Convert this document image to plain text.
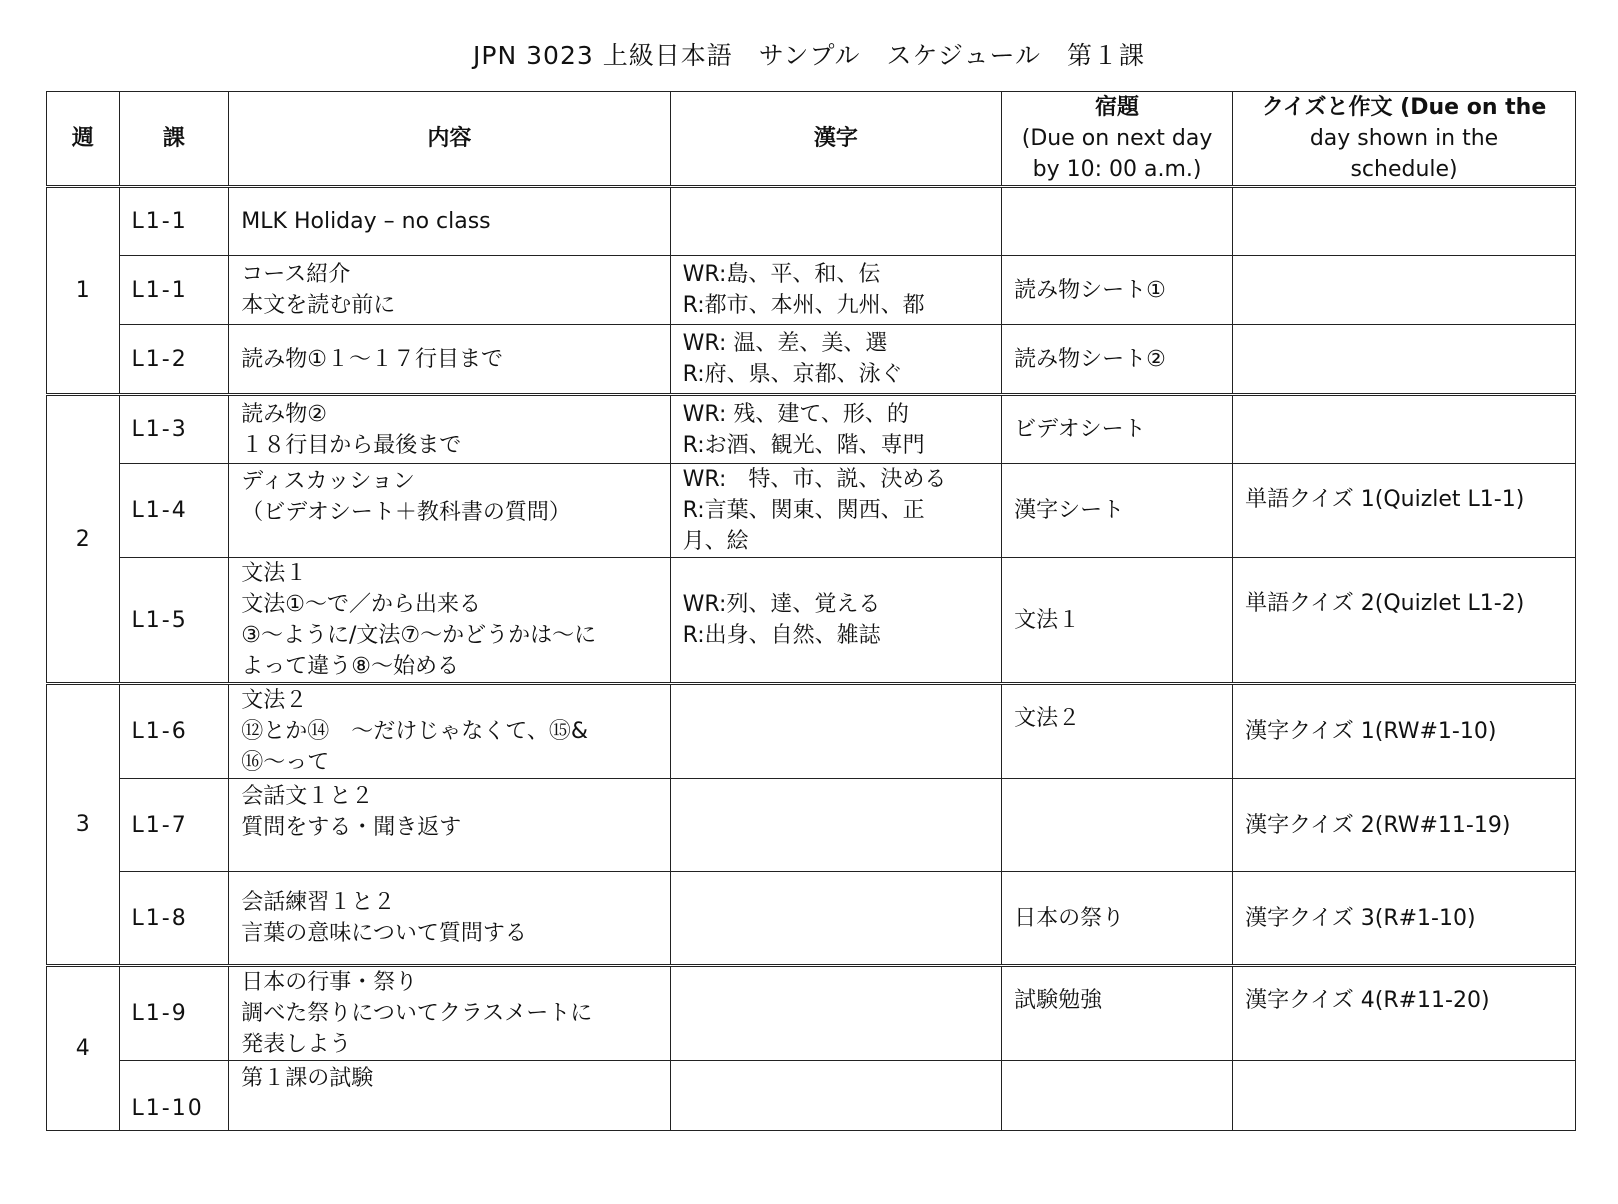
JPN 3023 上級日本語　サンプル　スケジュール　第１課
週	課	内容	漢字	宿題
(Due on next day
by 10: 00 a.m.)	クイズと作文 (Due on the
day shown in the
schedule)

1	L1-1	MLK Holiday – no class			

	L1-1	コース紹介
本文を読む前に	WR:島、平、和、伝
R:都市、本州、九州、都	読み物シート①	
	L1-2	読み物①１～１７行目まで	WR: 温、差、美、選
R:府、県、京都、泳ぐ	読み物シート②	
2	L1-3	読み物②
１８行目から最後まで	WR: 残、建て、形、的
R:お酒、観光、階、専門	ビデオシート	
	L1-4	ディスカッション
（ビデオシート＋教科書の質問）	WR:　特、市、説、決める
R:言葉、関東、関西、正
月、絵	漢字シート	単語クイズ 1(Quizlet L1-1)
	L1-5	文法１
文法①～で／から出来る
③～ように/文法⑦～かどうかは～に
よって違う⑧～始める	WR:列、達、覚える
R:出身、自然、雑誌	文法１	単語クイズ 2(Quizlet L1-2)
3	L1-6	文法２
⑫とか⑭　～だけじゃなくて、⑮&
⑯～って		文法２	漢字クイズ 1(RW#1-10)
	L1-7	会話文１と２
質問をする・聞き返す			漢字クイズ 2(RW#11-19)
	L1-8	会話練習１と２
言葉の意味について質問する		日本の祭り	漢字クイズ 3(R#1-10)
4	L1-9	日本の行事・祭り
調べた祭りについてクラスメートに
発表しよう		試験勉強	漢字クイズ 4(R#11-20)
	L1-10	第１課の試験			
